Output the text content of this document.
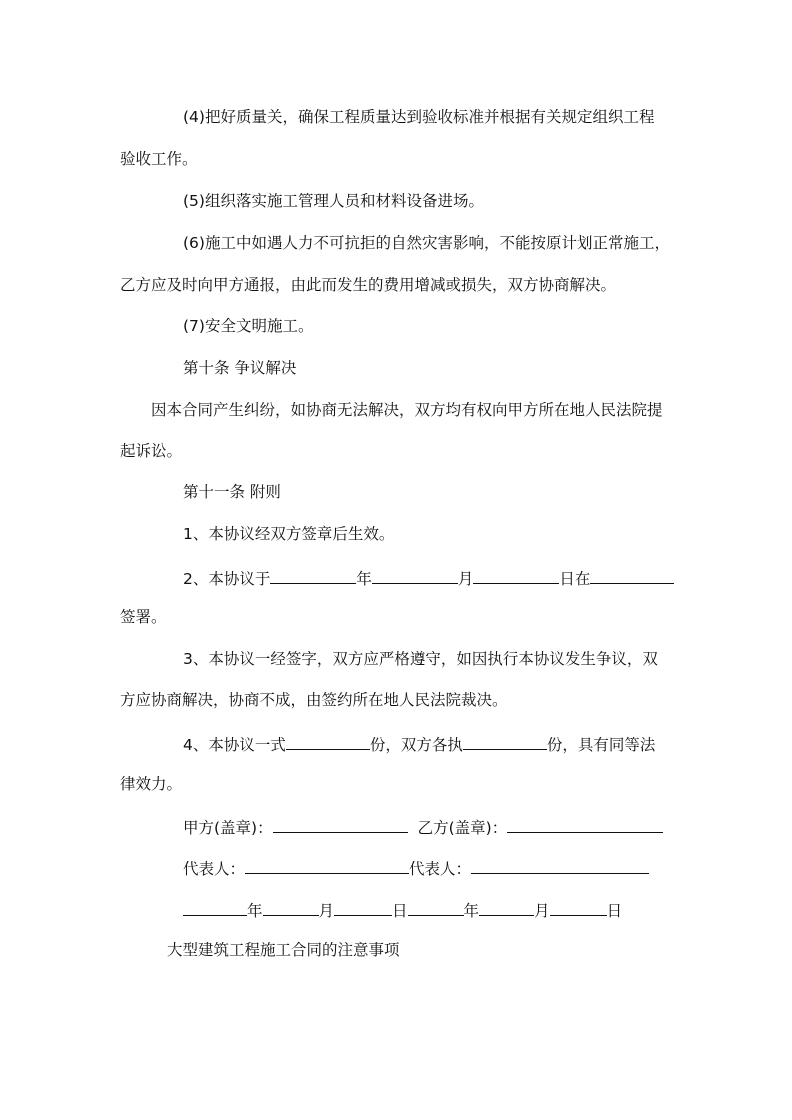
(4)把好质量关，确保工程质量达到验收标准并根据有关规定组织工程
验收工作。
(5)组织落实施工管理人员和材料设备进场。
(6)施工中如遇人力不可抗拒的自然灾害影响，不能按原计划正常施工，
乙方应及时向甲方通报，由此而发生的费用增减或损失，双方协商解决。
(7)安全文明施工。
第十条 争议解决
因本合同产生纠纷，如协商无法解决，双方均有权向甲方所在地人民法院提
起诉讼。
第十一条 附则
1、本协议经双方签章后生效。
2、本协议于	年	月	日在
签署。
3、本协议一经签字，双方应严格遵守，如因执行本协议发生争议，双
方应协商解决，协商不成，由签约所在地人民法院裁决。
4、本协议一式	份，双方各执	份，具有同等法
律效力。
甲方(盖章)：	乙方(盖章)：
代表人：	代表人：
年	月	日	年	月	日
大型建筑工程施工合同的注意事项
